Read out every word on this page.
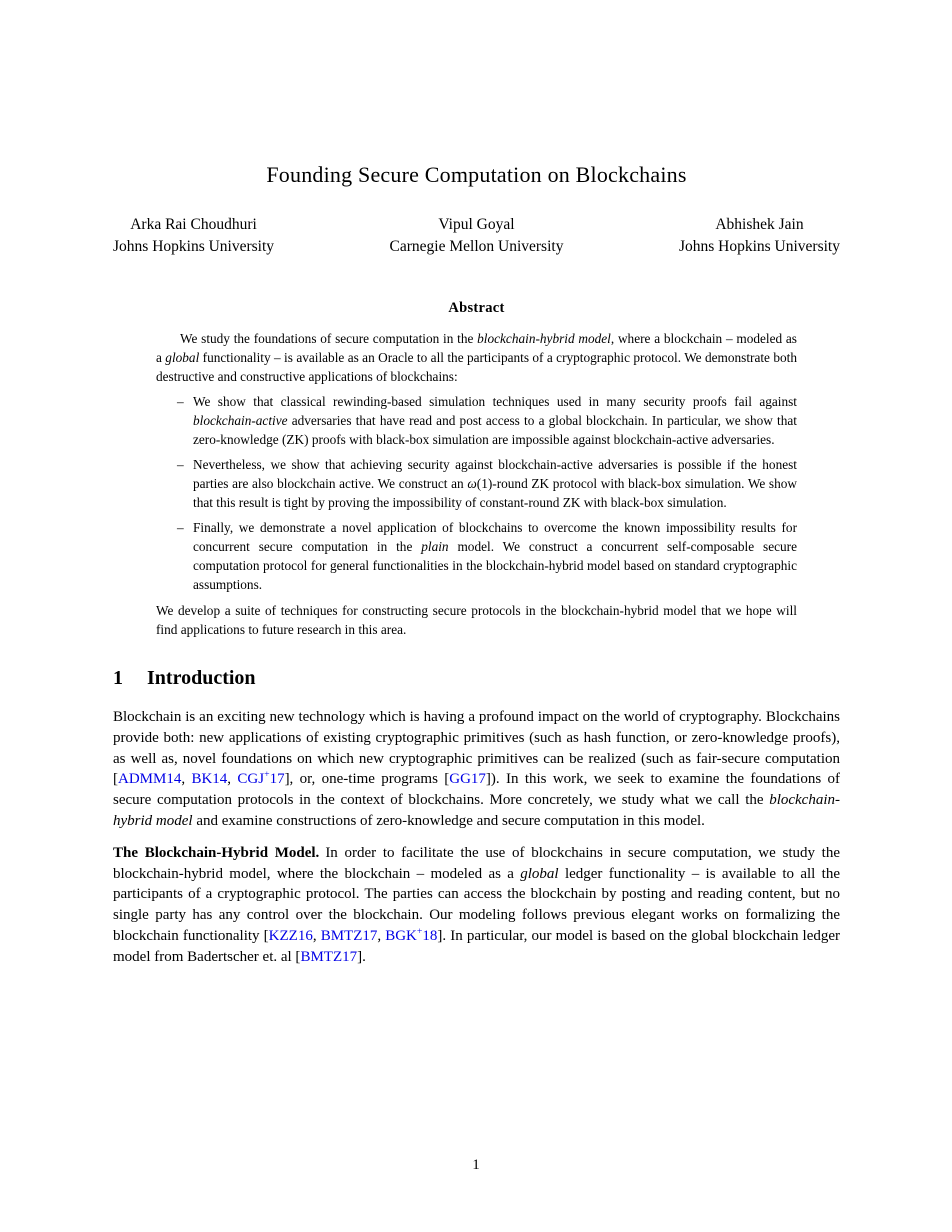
Founding Secure Computation on Blockchains
Arka Rai Choudhuri
Johns Hopkins University
Vipul Goyal
Carnegie Mellon University
Abhishek Jain
Johns Hopkins University
Abstract

We study the foundations of secure computation in the blockchain-hybrid model, where a blockchain – modeled as a global functionality – is available as an Oracle to all the participants of a cryptographic protocol. We demonstrate both destructive and constructive applications of blockchains:

– We show that classical rewinding-based simulation techniques used in many security proofs fail against blockchain-active adversaries that have read and post access to a global blockchain. In particular, we show that zero-knowledge (ZK) proofs with black-box simulation are impossible against blockchain-active adversaries.

– Nevertheless, we show that achieving security against blockchain-active adversaries is possible if the honest parties are also blockchain active. We construct an ω(1)-round ZK protocol with black-box simulation. We show that this result is tight by proving the impossibility of constant-round ZK with black-box simulation.

– Finally, we demonstrate a novel application of blockchains to overcome the known impossibility results for concurrent secure computation in the plain model. We construct a concurrent self-composable secure computation protocol for general functionalities in the blockchain-hybrid model based on standard cryptographic assumptions.

We develop a suite of techniques for constructing secure protocols in the blockchain-hybrid model that we hope will find applications to future research in this area.

1 Introduction

Blockchain is an exciting new technology which is having a profound impact on the world of cryptography. Blockchains provide both: new applications of existing cryptographic primitives (such as hash function, or zero-knowledge proofs), as well as, novel foundations on which new cryptographic primitives can be realized (such as fair-secure computation [ADMM14, BK14, CGJ+17], or, one-time programs [GG17]). In this work, we seek to examine the foundations of secure computation protocols in the context of blockchains. More concretely, we study what we call the blockchain-hybrid model and examine constructions of zero-knowledge and secure computation in this model.

The Blockchain-Hybrid Model. In order to facilitate the use of blockchains in secure computation, we study the blockchain-hybrid model, where the blockchain – modeled as a global ledger functionality – is available to all the participants of a cryptographic protocol. The parties can access the blockchain by posting and reading content, but no single party has any control over the blockchain. Our modeling follows previous elegant works on formalizing the blockchain functionality [KZZ16, BMTZ17, BGK+18]. In particular, our model is based on the global blockchain ledger model from Badertscher et. al [BMTZ17].

1
